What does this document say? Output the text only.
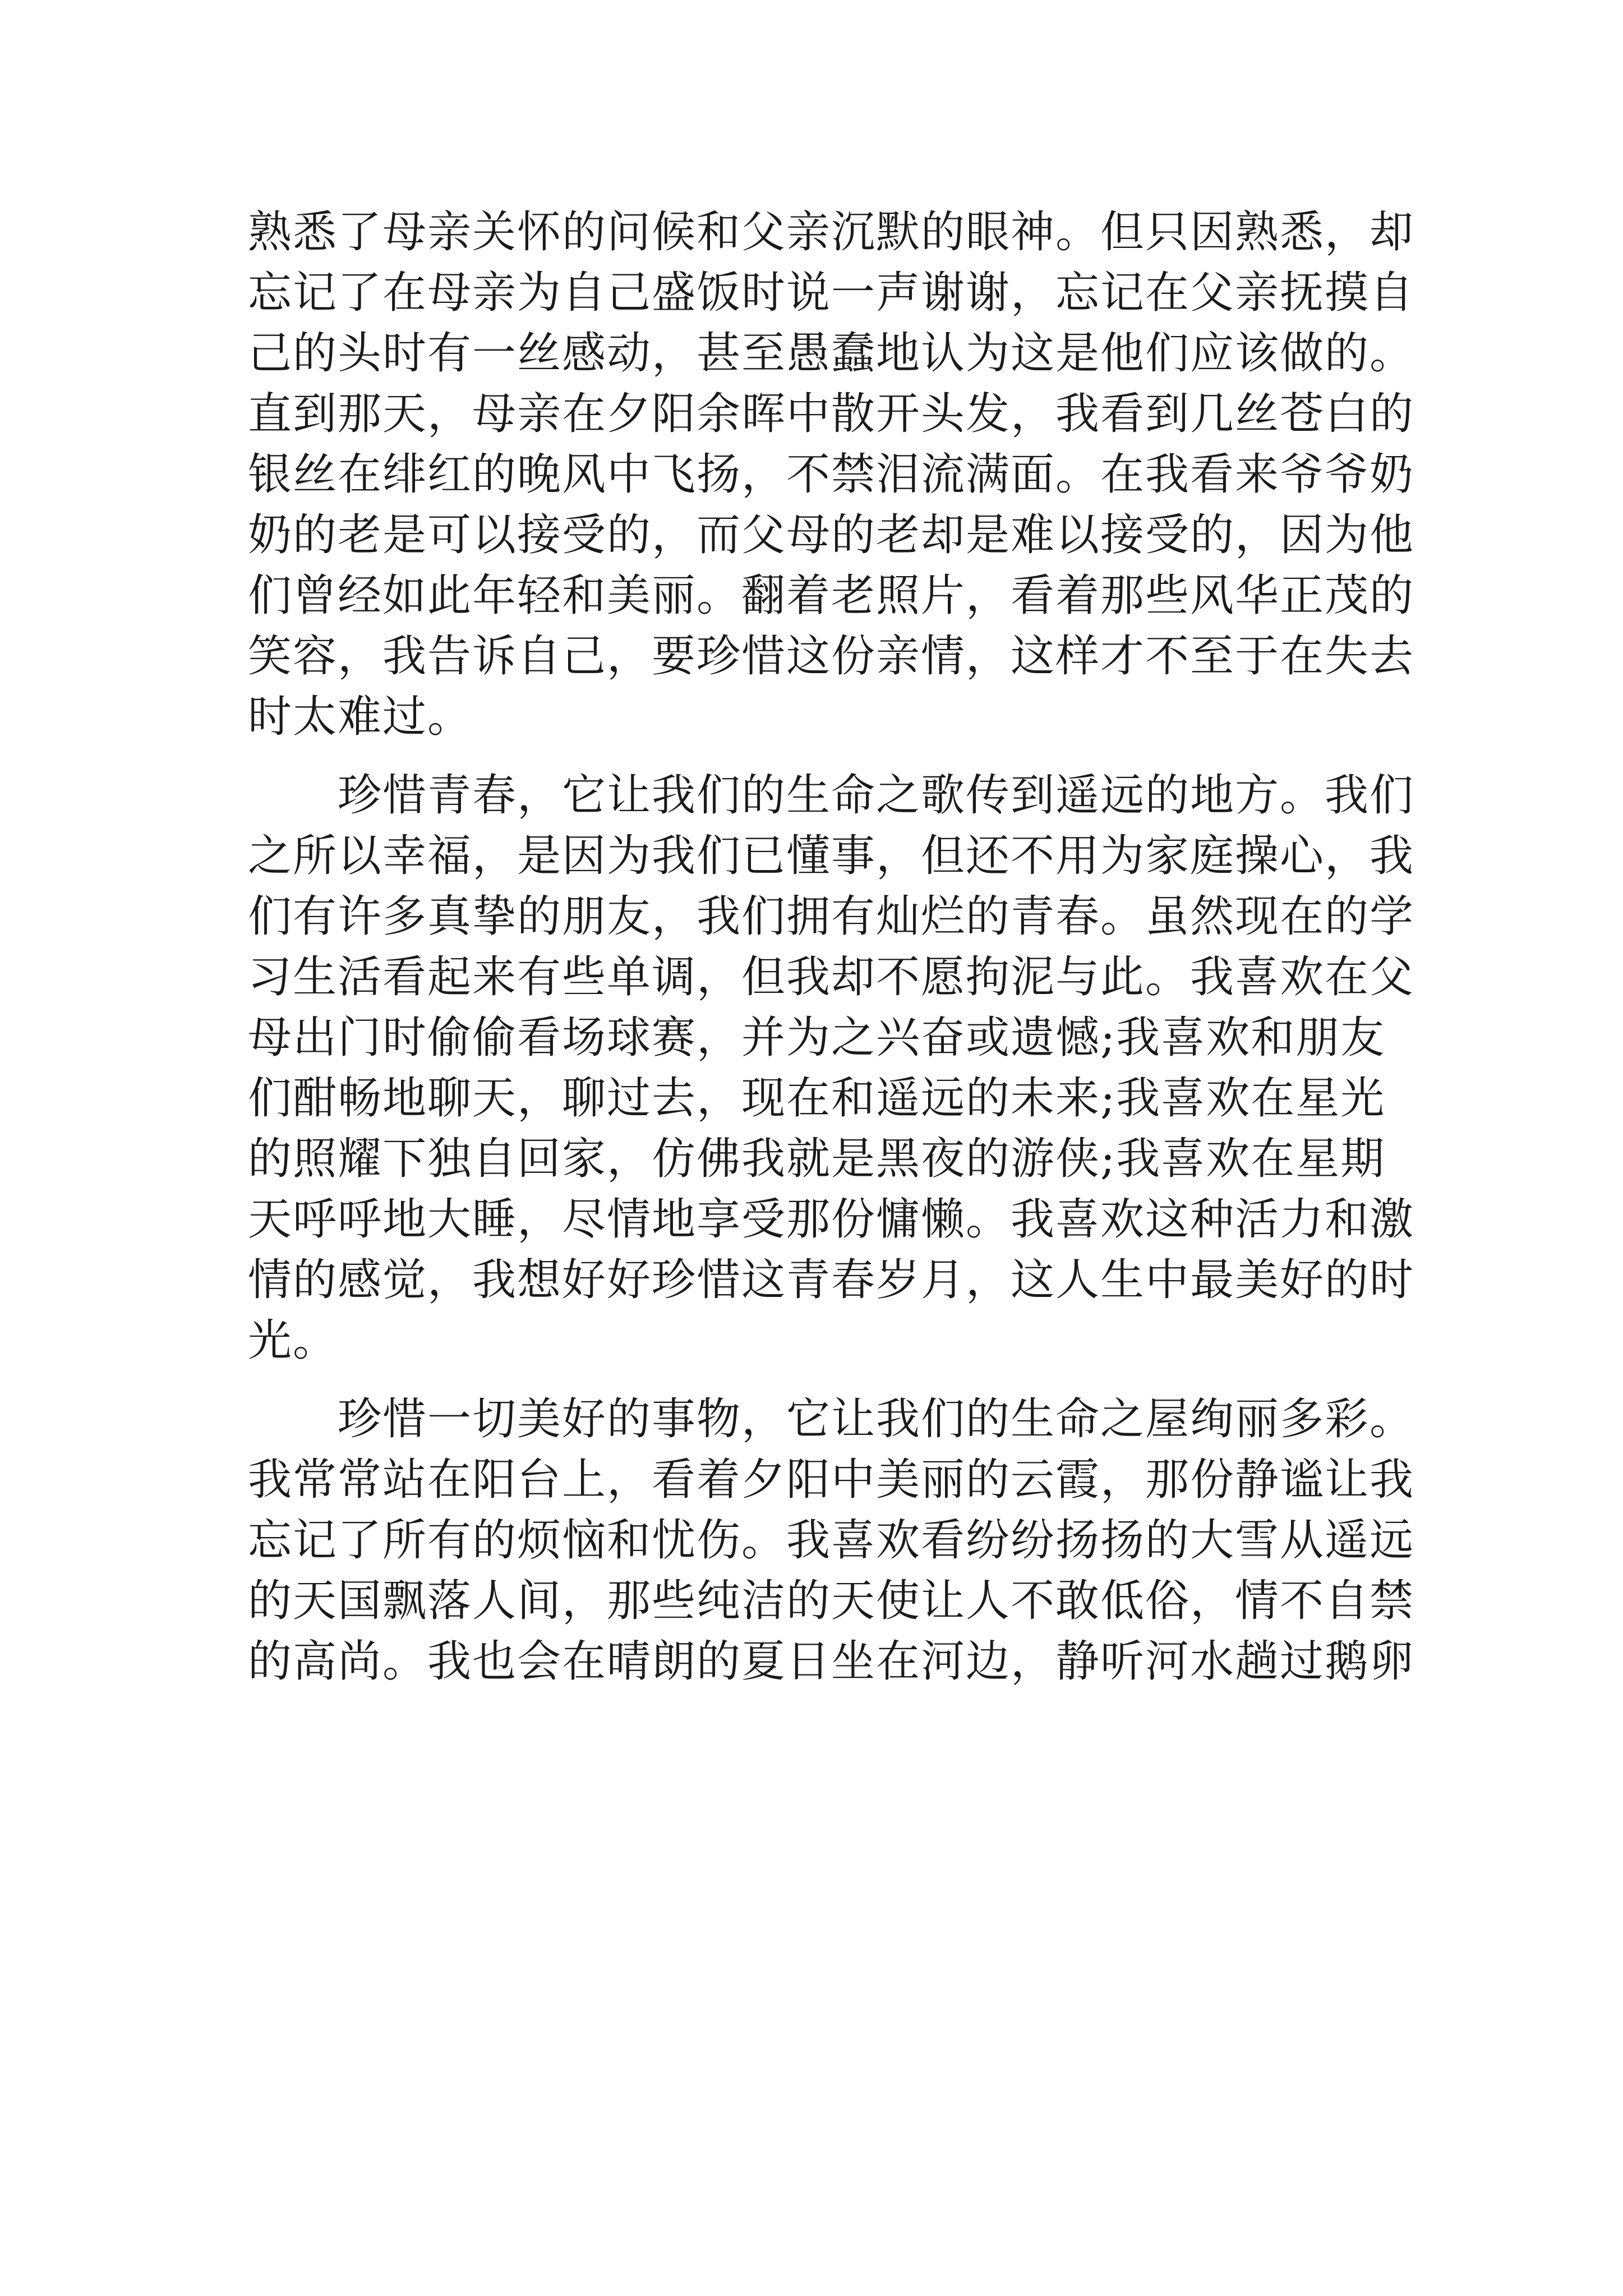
熟悉了母亲关怀的问候和父亲沉默的眼神。但只因熟悉，却
忘记了在母亲为自己盛饭时说一声谢谢，忘记在父亲抚摸自
己的头时有一丝感动，甚至愚蠢地认为这是他们应该做的。
直到那天，母亲在夕阳余晖中散开头发，我看到几丝苍白的
银丝在绯红的晚风中飞扬，不禁泪流满面。在我看来爷爷奶
奶的老是可以接受的，而父母的老却是难以接受的，因为他
们曾经如此年轻和美丽。翻着老照片，看着那些风华正茂的
笑容，我告诉自己，要珍惜这份亲情，这样才不至于在失去
时太难过。
　　珍惜青春，它让我们的生命之歌传到遥远的地方。我们
之所以幸福，是因为我们已懂事，但还不用为家庭操心，我
们有许多真挚的朋友，我们拥有灿烂的青春。虽然现在的学
习生活看起来有些单调，但我却不愿拘泥与此。我喜欢在父
母出门时偷偷看场球赛，并为之兴奋或遗憾;我喜欢和朋友
们酣畅地聊天，聊过去，现在和遥远的未来;我喜欢在星光
的照耀下独自回家，仿佛我就是黑夜的游侠;我喜欢在星期
天呼呼地大睡，尽情地享受那份慵懒。我喜欢这种活力和激
情的感觉，我想好好珍惜这青春岁月，这人生中最美好的时
光。
　　珍惜一切美好的事物，它让我们的生命之屋绚丽多彩。
我常常站在阳台上，看着夕阳中美丽的云霞，那份静谧让我
忘记了所有的烦恼和忧伤。我喜欢看纷纷扬扬的大雪从遥远
的天国飘落人间，那些纯洁的天使让人不敢低俗，情不自禁
的高尚。我也会在晴朗的夏日坐在河边，静听河水趟过鹅卵
